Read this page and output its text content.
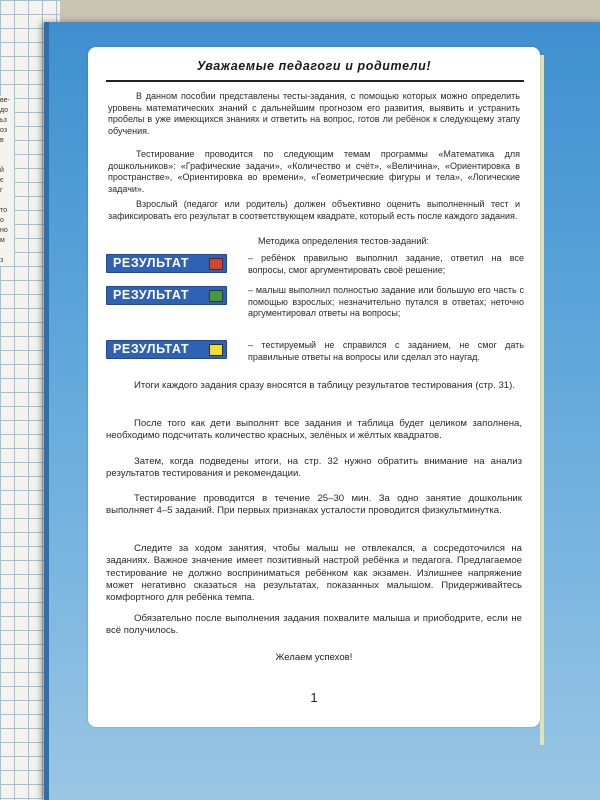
ве-
до
ьз
оз
в
й
є
г
то
о
но
м
з
Уважаемые педагоги и родители!

В данном пособии представлены тесты-задания, с помощью которых можно определить уровень математических знаний с дальнейшим прогнозом его развития, выявить и устранить пробелы в уже имеющихся знаниях и ответить на вопрос, готов ли ребёнок к следующему этапу обучения.

Тестирование проводится по следующим темам программы «Математика для дошкольников»: «Графические задачи», «Количество и счёт», «Величина», «Ориентировка в пространстве», «Ориентировка во времени», «Геометрические фигуры и тела», «Логические задачи».

Взрослый (педагог или родитель) должен объективно оценить выполненный тест и зафиксировать его результат в соответствующем квадрате, который есть после каждого задания.

Методика определения тестов-заданий:
РЕЗУЛЬТАТ	– ребёнок правильно выполнил задание, ответил на все вопросы, смог аргументировать своё решение;

РЕЗУЛЬТАТ	– малыш выполнил полностью задание или большую его часть с помощью взрослых; незначительно путался в ответах; неточно аргументировал ответы на вопросы;

РЕЗУЛЬТАТ	– тестируемый не справился с заданием, не смог дать правильные ответы на вопросы или сделал это наугад.

Итоги каждого задания сразу вносятся в таблицу результатов тестирования (стр. 31).

После того как дети выполнят все задания и таблица будет целиком заполнена, необходимо подсчитать количество красных, зелёных и жёлтых квадратов.

Затем, когда подведены итоги, на стр. 32 нужно обратить внимание на анализ результатов тестирования и рекомендации.

Тестирование проводится в течение 25–30 мин. За одно занятие дошкольник выполняет 4–5 заданий. При первых признаках усталости проводится физкультминутка.

Следите за ходом занятия, чтобы малыш не отвлекался, а сосредоточился на заданиях. Важное значение имеет позитивный настрой ребёнка и педагога. Предлагаемое тестирование не должно восприниматься ребёнком как экзамен. Излишнее напряжение может негативно сказаться на результатах, показанных малышом. Придерживайтесь комфортного для ребёнка темпа.

Обязательно после выполнения задания похвалите малыша и приободрите, если не всё получилось.

Желаем успехов!
1
